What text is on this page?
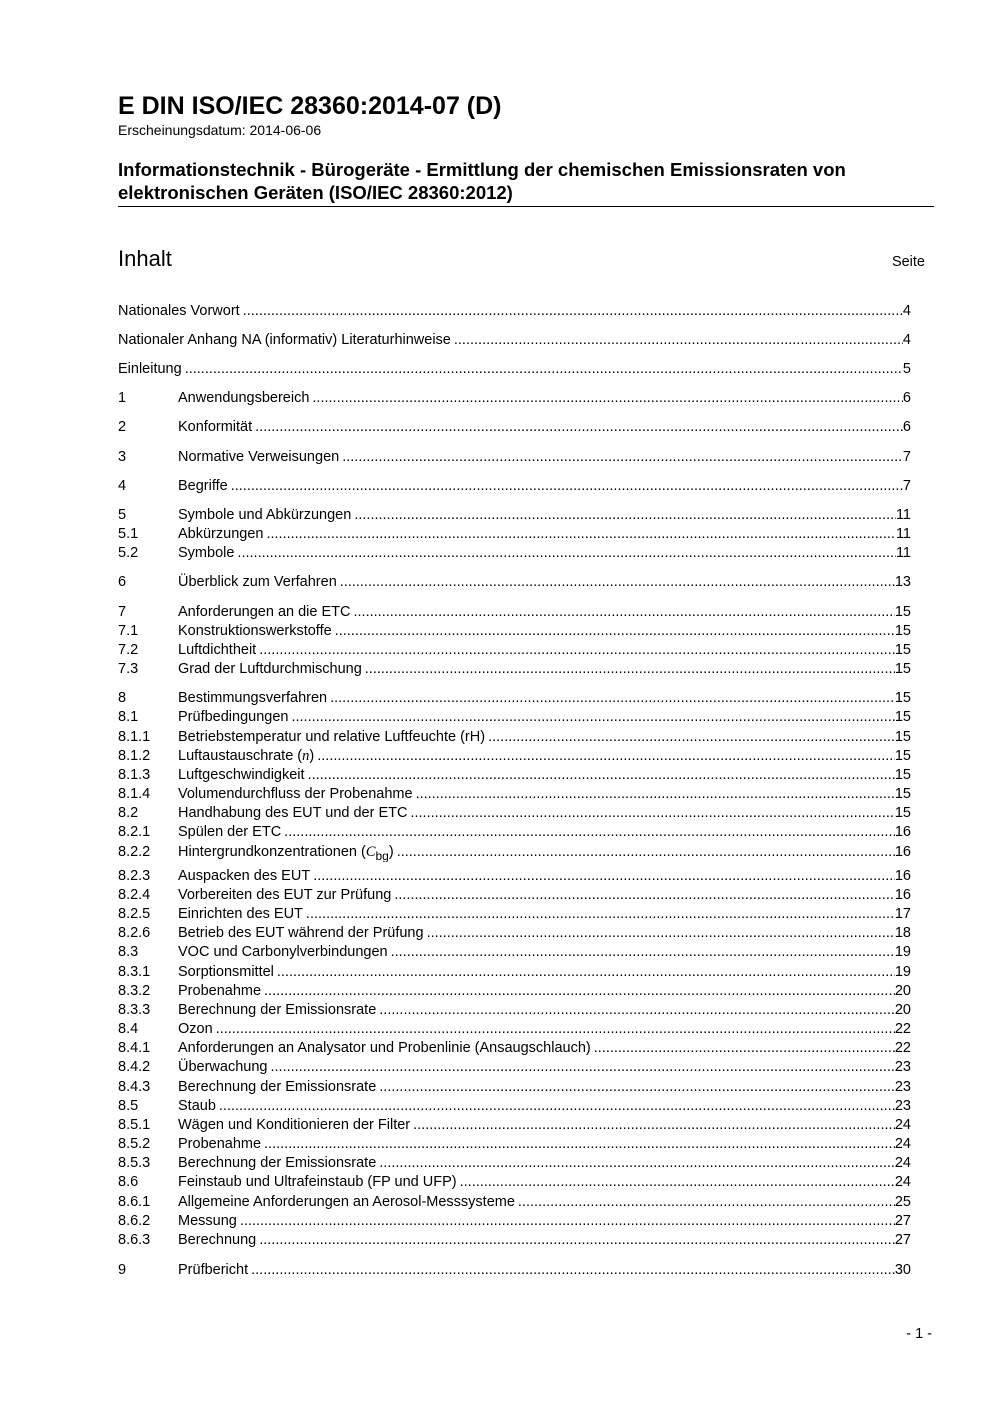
E DIN ISO/IEC 28360:2014-07 (D)
Erscheinungsdatum: 2014-06-06
Informationstechnik - Bürogeräte - Ermittlung der chemischen Emissionsraten von elektronischen Geräten (ISO/IEC 28360:2012)
Inhalt	Seite
Nationales Vorwort .....	4
Nationaler Anhang NA (informativ) Literaturhinweise .....	4
Einleitung .....	5
1	Anwendungsbereich .....	6
2	Konformität .....	6
3	Normative Verweisungen .....	7
4	Begriffe .....	7
5	Symbole und Abkürzungen .....	11
5.1	Abkürzungen .....	11
5.2	Symbole .....	11
6	Überblick zum Verfahren .....	13
7	Anforderungen an die ETC .....	15
7.1	Konstruktionswerkstoffe .....	15
7.2	Luftdichtheit .....	15
7.3	Grad der Luftdurchmischung .....	15
8	Bestimmungsverfahren .....	15
8.1	Prüfbedingungen .....	15
8.1.1 Betriebstemperatur und relative Luftfeuchte (rH) .....	15
8.1.2 Luftaustauschrate (n) .....	15
8.1.3 Luftgeschwindigkeit .....	15
8.1.4 Volumendurchfluss der Probenahme .....	15
8.2	Handhabung des EUT und der ETC .....	15
8.2.1 Spülen der ETC .....	16
8.2.2 Hintergrundkonzentrationen $(C_{bg})$ .....	16
8.2.3 Auspacken des EUT .....	16
8.2.4 Vorbereiten des EUT zur Prüfung .....	16
8.2.5 Einrichten des EUT .....	17
8.2.6 Betrieb des EUT während der Prüfung .....	18
8.3	VOC und Carbonylverbindungen .....	19
8.3.1 Sorptionsmittel .....	19
8.3.2 Probenahme .....	20
8.3.3 Berechnung der Emissionsrate .....	20
8.4	Ozon .....	22
8.4.1 Anforderungen an Analysator und Probenlinie (Ansaugschlauch) .....	22
8.4.2 Überwachung .....	23
8.4.3 Berechnung der Emissionsrate .....	23
8.5	Staub .....	23
8.5.1 Wägen und Konditionieren der Filter .....	24
8.5.2 Probenahme .....	24
8.5.3 Berechnung der Emissionsrate .....	24
8.6	Feinstaub und Ultrafeinstaub (FP und UFP) .....	24
8.6.1 Allgemeine Anforderungen an Aerosol-Messsysteme .....	25
8.6.2 Messung .....	27
8.6.3 Berechnung .....	27
9	Prüfbericht .....	30
- 1 -
